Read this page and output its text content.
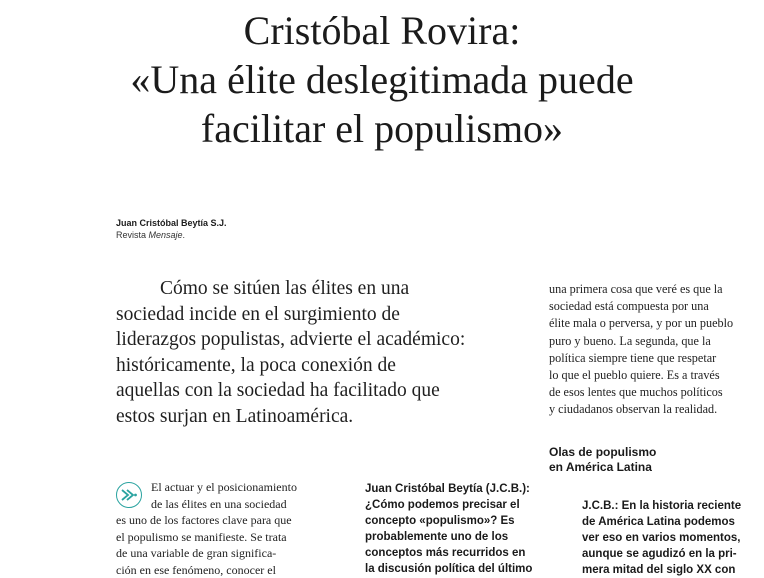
Cristóbal Rovira:
«Una élite deslegitimada puede
facilitar el populismo»
Juan Cristóbal Beytía S.J.
Revista Mensaje.
Cómo se sitúen las élites en una
sociedad incide en el surgimiento de
liderazgos populistas, advierte el académico:
históricamente, la poca conexión de
aquellas con la sociedad ha facilitado que
estos surjan en Latinoamérica.
una primera cosa que veré es que la
sociedad está compuesta por una
élite mala o perversa, y por un pueblo
puro y bueno. La segunda, que la
política siempre tiene que respetar
lo que el pueblo quiere. Es a través
de esos lentes que muchos políticos
y ciudadanos observan la realidad.
Olas de populismo
en América Latina
J.C.B.: En la historia reciente
de América Latina podemos
ver eso en varios momentos,
aunque se agudizó en la pri-
mera mitad del siglo XX con
El actuar y el posicionamiento
de las élites en una sociedad
es uno de los factores clave para que
el populismo se manifieste. Se trata
de una variable de gran significa-
ción en ese fenómeno, conocer el
Juan Cristóbal Beytía (J.C.B.):
¿Cómo podemos precisar el
concepto «populismo»? Es
probablemente uno de los
conceptos más recurridos en
la discusión política del último
